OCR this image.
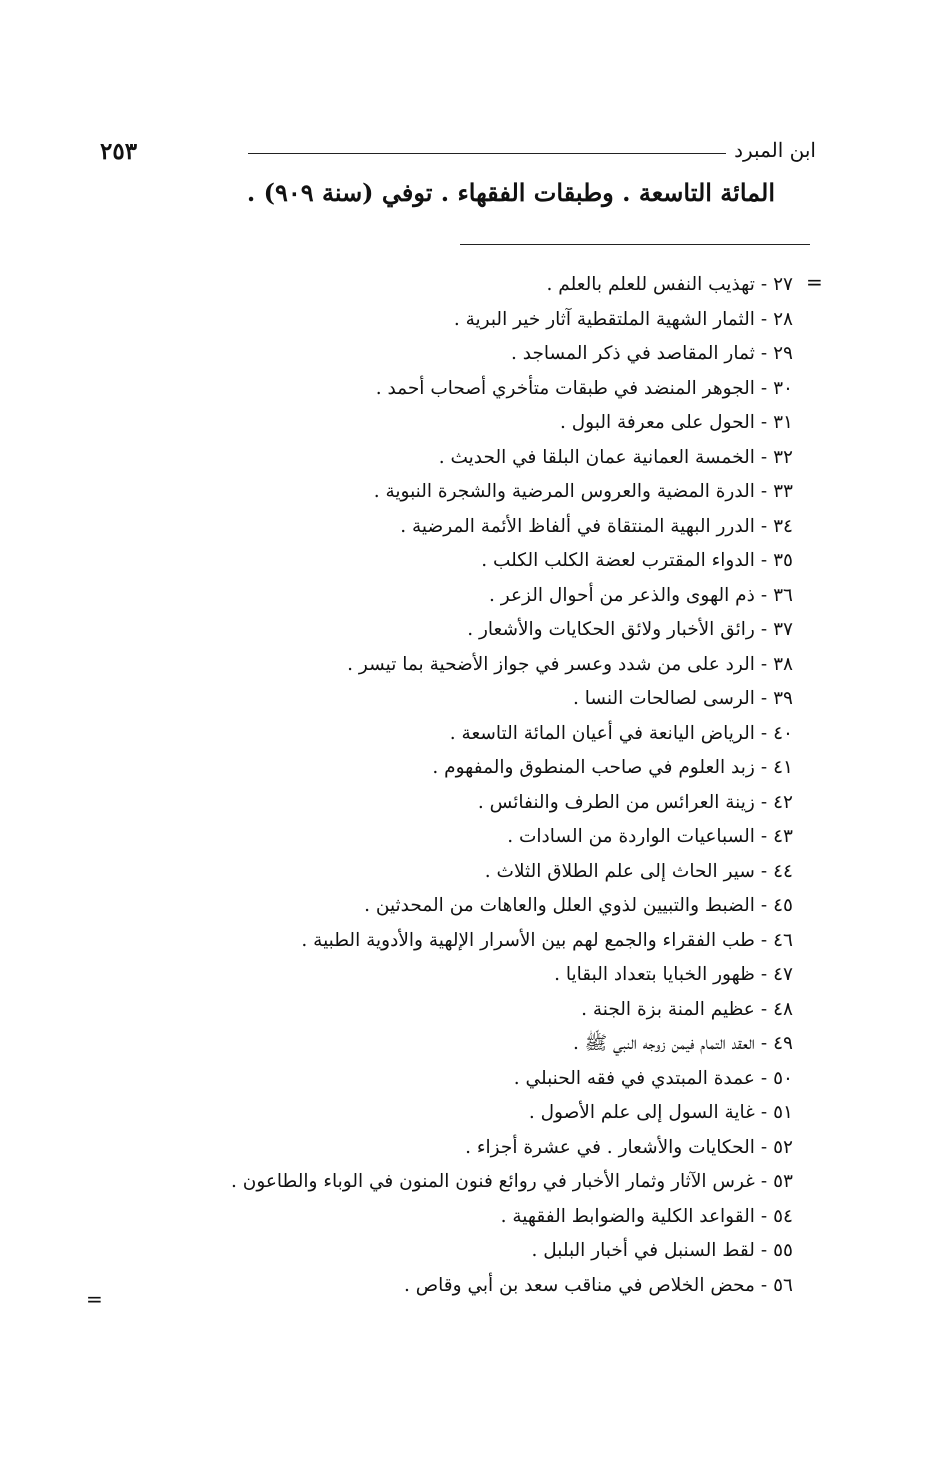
٢٥٣	ابن المبرد
المائة التاسعة . وطبقات الفقهاء . توفي (سنة ٩٠٩) .
=
٢٧-تهذيب النفس للعلم بالعلم .
٢٨-الثمار الشهية الملتقطية آثار خير البرية .
٢٩-ثمار المقاصد في ذكر المساجد .
٣٠-الجوهر المنضد في طبقات متأخري أصحاب أحمد .
٣١-الحول على معرفة البول .
٣٢-الخمسة العمانية عمان البلقا في الحديث .
٣٣-الدرة المضية والعروس المرضية والشجرة النبوية .
٣٤-الدرر البهية المنتقاة في ألفاظ الأئمة المرضية .
٣٥-الدواء المقترب لعضة الكلب الكلب .
٣٦-ذم الهوى والذعر من أحوال الزعر .
٣٧-رائق الأخبار ولائق الحكايات والأشعار .
٣٨-الرد على من شدد وعسر في جواز الأضحية بما تيسر .
٣٩-الرسى لصالحات النسا .
٤٠-الرياض اليانعة في أعيان المائة التاسعة .
٤١-زبد العلوم في صاحب المنطوق والمفهوم .
٤٢-زينة العرائس من الطرف والنفائس .
٤٣-السباعيات الواردة من السادات .
٤٤-سير الحاث إلى علم الطلاق الثلاث .
٤٥-الضبط والتبيين لذوي العلل والعاهات من المحدثين .
٤٦-طب الفقراء والجمع لهم بين الأسرار الإلهية والأدوية الطبية .
٤٧-ظهور الخبايا بتعداد البقايا .
٤٨-عظيم المنة بزة الجنة .
٤٩-العقد التمام فيمن زوجه النبي ﷺ .
٥٠-عمدة المبتدي في فقه الحنبلي .
٥١-غاية السول إلى علم الأصول .
٥٢-الحكايات والأشعار . في عشرة أجزاء .
٥٣-غرس الآثار وثمار الأخبار في روائع فنون المنون في الوباء والطاعون .
٥٤-القواعد الكلية والضوابط الفقهية .
٥٥-لقط السنبل في أخبار البلبل .
٥٦-محض الخلاص في مناقب سعد بن أبي وقاص .
=
